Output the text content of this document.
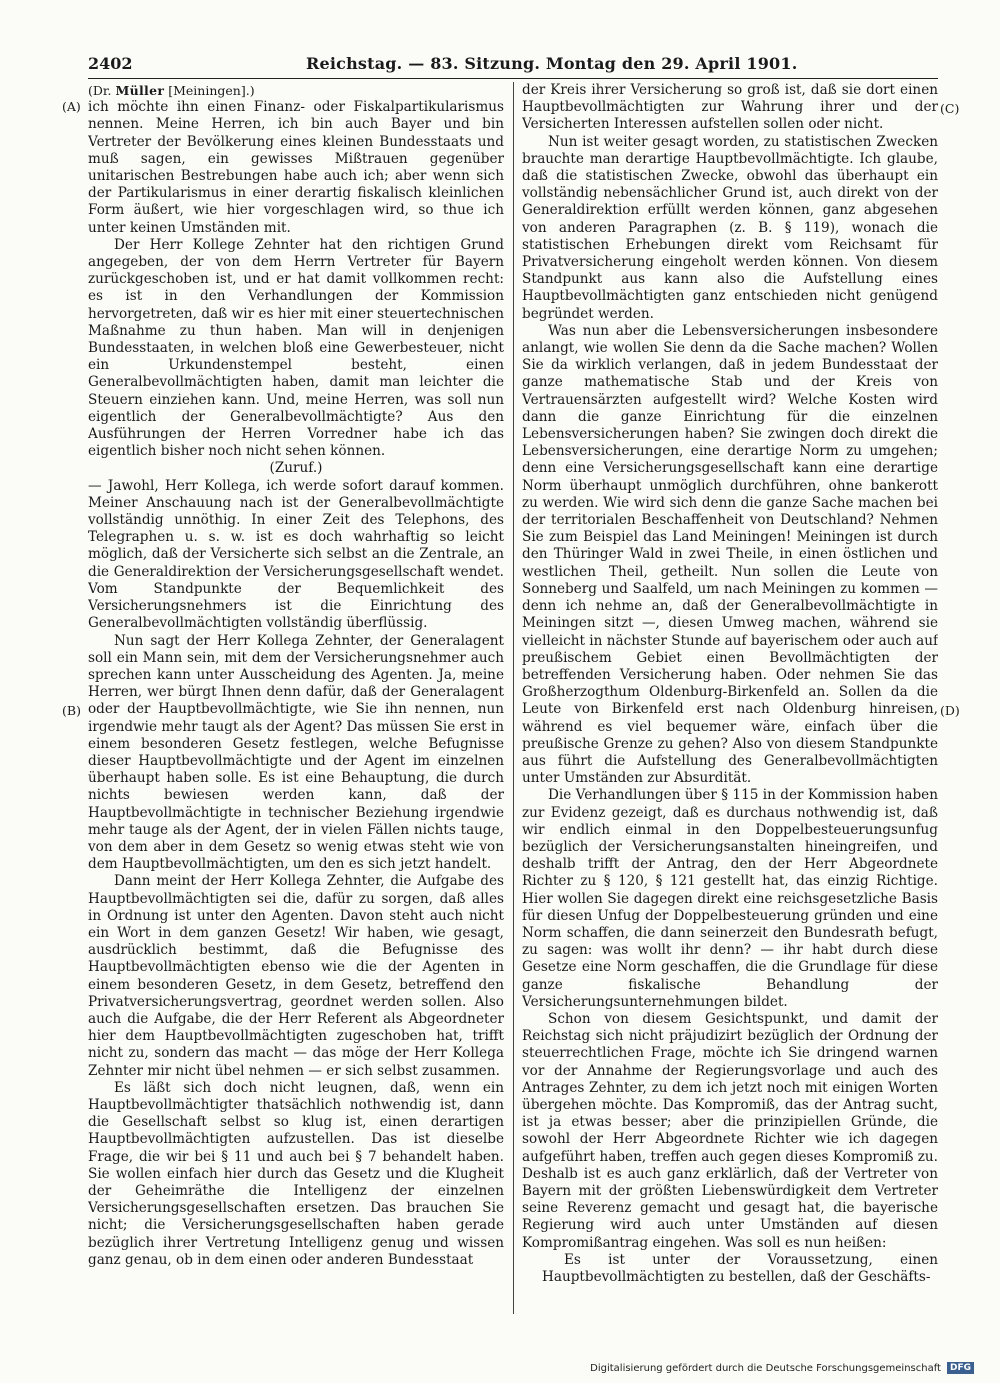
2402	Reichstag. — 83. Sitzung. Montag den 29. April 1901.
(A)
(B)
(C)
(D)

(Dr. Müller [Meiningen].)

ich möchte ihn einen Finanz- oder Fiskalpartikularismus nennen. Meine Herren, ich bin auch Bayer und bin Vertreter der Bevölkerung eines kleinen Bundesstaats und muß sagen, ein gewisses Mißtrauen gegenüber unitarischen Bestrebungen habe auch ich; aber wenn sich der Partikularismus in einer derartig fiskalisch kleinlichen Form äußert, wie hier vorgeschlagen wird, so thue ich unter keinen Umständen mit.

Der Herr Kollege Zehnter hat den richtigen Grund angegeben, der von dem Herrn Vertreter für Bayern zurückgeschoben ist, und er hat damit vollkommen recht: es ist in den Verhandlungen der Kommission hervorgetreten, daß wir es hier mit einer steuertechnischen Maßnahme zu thun haben. Man will in denjenigen Bundesstaaten, in welchen bloß eine Gewerbesteuer, nicht ein Urkundenstempel besteht, einen Generalbevollmächtigten haben, damit man leichter die Steuern einziehen kann. Und, meine Herren, was soll nun eigentlich der Generalbevollmächtigte? Aus den Ausführungen der Herren Vorredner habe ich das eigentlich bisher noch nicht sehen können.

(Zuruf.)

— Jawohl, Herr Kollega, ich werde sofort darauf kommen. Meiner Anschauung nach ist der Generalbevollmächtigte vollständig unnöthig. In einer Zeit des Telephons, des Telegraphen u. s. w. ist es doch wahrhaftig so leicht möglich, daß der Versicherte sich selbst an die Zentrale, an die Generaldirektion der Versicherungsgesellschaft wendet. Vom Standpunkte der Bequemlichkeit des Versicherungsnehmers ist die Einrichtung des Generalbevollmächtigten vollständig überflüssig.

Nun sagt der Herr Kollega Zehnter, der Generalagent soll ein Mann sein, mit dem der Versicherungsnehmer auch sprechen kann unter Ausscheidung des Agenten. Ja, meine Herren, wer bürgt Ihnen denn dafür, daß der Generalagent oder der Hauptbevollmächtigte, wie Sie ihn nennen, nun irgendwie mehr taugt als der Agent? Das müssen Sie erst in einem besonderen Gesetz festlegen, welche Befugnisse dieser Hauptbevollmächtigte und der Agent im einzelnen überhaupt haben solle. Es ist eine Behauptung, die durch nichts bewiesen werden kann, daß der Hauptbevollmächtigte in technischer Beziehung irgendwie mehr tauge als der Agent, der in vielen Fällen nichts tauge, von dem aber in dem Gesetz so wenig etwas steht wie von dem Hauptbevollmächtigten, um den es sich jetzt handelt.

Dann meint der Herr Kollega Zehnter, die Aufgabe des Hauptbevollmächtigten sei die, dafür zu sorgen, daß alles in Ordnung ist unter den Agenten. Davon steht auch nicht ein Wort in dem ganzen Gesetz! Wir haben, wie gesagt, ausdrücklich bestimmt, daß die Befugnisse des Hauptbevollmächtigten ebenso wie die der Agenten in einem besonderen Gesetz, in dem Gesetz, betreffend den Privatversicherungsvertrag, geordnet werden sollen. Also auch die Aufgabe, die der Herr Referent als Abgeordneter hier dem Hauptbevollmächtigten zugeschoben hat, trifft nicht zu, sondern das macht — das möge der Herr Kollega Zehnter mir nicht übel nehmen — er sich selbst zusammen.

Es läßt sich doch nicht leugnen, daß, wenn ein Hauptbevollmächtigter thatsächlich nothwendig ist, dann die Gesellschaft selbst so klug ist, einen derartigen Hauptbevollmächtigten aufzustellen. Das ist dieselbe Frage, die wir bei § 11 und auch bei § 7 behandelt haben. Sie wollen einfach hier durch das Gesetz und die Klugheit der Geheimräthe die Intelligenz der einzelnen Versicherungsgesellschaften ersetzen. Das brauchen Sie nicht; die Versicherungsgesellschaften haben gerade bezüglich ihrer Vertretung Intelligenz genug und wissen ganz genau, ob in dem einen oder anderen Bundesstaat

der Kreis ihrer Versicherung so groß ist, daß sie dort einen Hauptbevollmächtigten zur Wahrung ihrer und der Versicherten Interessen aufstellen sollen oder nicht.

Nun ist weiter gesagt worden, zu statistischen Zwecken brauchte man derartige Hauptbevollmächtigte. Ich glaube, daß die statistischen Zwecke, obwohl das überhaupt ein vollständig nebensächlicher Grund ist, auch direkt von der Generaldirektion erfüllt werden können, ganz abgesehen von anderen Paragraphen (z. B. § 119), wonach die statistischen Erhebungen direkt vom Reichsamt für Privatversicherung eingeholt werden können. Von diesem Standpunkt aus kann also die Aufstellung eines Hauptbevollmächtigten ganz entschieden nicht genügend begründet werden.

Was nun aber die Lebensversicherungen insbesondere anlangt, wie wollen Sie denn da die Sache machen? Wollen Sie da wirklich verlangen, daß in jedem Bundesstaat der ganze mathematische Stab und der Kreis von Vertrauensärzten aufgestellt wird? Welche Kosten wird dann die ganze Einrichtung für die einzelnen Lebensversicherungen haben? Sie zwingen doch direkt die Lebensversicherungen, eine derartige Norm zu umgehen; denn eine Versicherungsgesellschaft kann eine derartige Norm überhaupt unmöglich durchführen, ohne bankerott zu werden. Wie wird sich denn die ganze Sache machen bei der territorialen Beschaffenheit von Deutschland? Nehmen Sie zum Beispiel das Land Meiningen! Meiningen ist durch den Thüringer Wald in zwei Theile, in einen östlichen und westlichen Theil, getheilt. Nun sollen die Leute von Sonneberg und Saalfeld, um nach Meiningen zu kommen — denn ich nehme an, daß der Generalbevollmächtigte in Meiningen sitzt —, diesen Umweg machen, während sie vielleicht in nächster Stunde auf bayerischem oder auch auf preußischem Gebiet einen Bevollmächtigten der betreffenden Versicherung haben. Oder nehmen Sie das Großherzogthum Oldenburg-Birkenfeld an. Sollen da die Leute von Birkenfeld erst nach Oldenburg hinreisen, während es viel bequemer wäre, einfach über die preußische Grenze zu gehen? Also von diesem Standpunkte aus führt die Aufstellung des Generalbevollmächtigten unter Umständen zur Absurdität.

Die Verhandlungen über § 115 in der Kommission haben zur Evidenz gezeigt, daß es durchaus nothwendig ist, daß wir endlich einmal in den Doppelbesteuerungsunfug bezüglich der Versicherungsanstalten hineingreifen, und deshalb trifft der Antrag, den der Herr Abgeordnete Richter zu § 120, § 121 gestellt hat, das einzig Richtige. Hier wollen Sie dagegen direkt eine reichsgesetzliche Basis für diesen Unfug der Doppelbesteuerung gründen und eine Norm schaffen, die dann seinerzeit den Bundesrath befugt, zu sagen: was wollt ihr denn? — ihr habt durch diese Gesetze eine Norm geschaffen, die die Grundlage für diese ganze fiskalische Behandlung der Versicherungsunternehmungen bildet.

Schon von diesem Gesichtspunkt, und damit der Reichstag sich nicht präjudizirt bezüglich der Ordnung der steuerrechtlichen Frage, möchte ich Sie dringend warnen vor der Annahme der Regierungsvorlage und auch des Antrages Zehnter, zu dem ich jetzt noch mit einigen Worten übergehen möchte. Das Kompromiß, das der Antrag sucht, ist ja etwas besser; aber die prinzipiellen Gründe, die sowohl der Herr Abgeordnete Richter wie ich dagegen aufgeführt haben, treffen auch gegen dieses Kompromiß zu. Deshalb ist es auch ganz erklärlich, daß der Vertreter von Bayern mit der größten Liebenswürdigkeit dem Vertreter seine Reverenz gemacht und gesagt hat, die bayerische Regierung wird auch unter Umständen auf diesen Kompromißantrag eingehen. Was soll es nun heißen:

Es ist unter der Voraussetzung, einen Hauptbevollmächtigten zu bestellen, daß der Geschäfts-

Digitalisierung gefördert durch die Deutsche Forschungsgemeinschaft	DFG
